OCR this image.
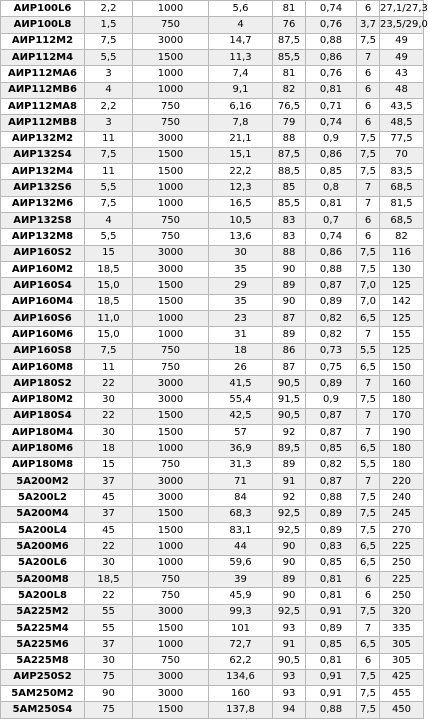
АИР100L6	2,2	1000	5,6	81	0,74	6	27,1/27,3
АИР100L8	1,5	750	4	76	0,76	3,7	23,5/29,0
АИР112М2	7,5	3000	14,7	87,5	0,88	7,5	49
АИР112М4	5,5	1500	11,3	85,5	0,86	7	49
АИР112МА6	3	1000	7,4	81	0,76	6	43
АИР112МВ6	4	1000	9,1	82	0,81	6	48
АИР112МА8	2,2	750	6,16	76,5	0,71	6	43,5
АИР112МВ8	3	750	7,8	79	0,74	6	48,5
АИР132М2	11	3000	21,1	88	0,9	7,5	77,5
АИР132S4	7,5	1500	15,1	87,5	0,86	7,5	70
АИР132М4	11	1500	22,2	88,5	0,85	7,5	83,5
АИР132S6	5,5	1000	12,3	85	0,8	7	68,5
АИР132М6	7,5	1000	16,5	85,5	0,81	7	81,5
АИР132S8	4	750	10,5	83	0,7	6	68,5
АИР132М8	5,5	750	13,6	83	0,74	6	82
АИР160S2	15	3000	30	88	0,86	7,5	116
АИР160М2	18,5	3000	35	90	0,88	7,5	130
АИР160S4	15,0	1500	29	89	0,87	7,0	125
АИР160М4	18,5	1500	35	90	0,89	7,0	142
АИР160S6	11,0	1000	23	87	0,82	6,5	125
АИР160М6	15,0	1000	31	89	0,82	7	155
АИР160S8	7,5	750	18	86	0,73	5,5	125
АИР160М8	11	750	26	87	0,75	6,5	150
АИР180S2	22	3000	41,5	90,5	0,89	7	160
АИР180М2	30	3000	55,4	91,5	0,9	7,5	180
АИР180S4	22	1500	42,5	90,5	0,87	7	170
АИР180М4	30	1500	57	92	0,87	7	190
АИР180М6	18	1000	36,9	89,5	0,85	6,5	180
АИР180М8	15	750	31,3	89	0,82	5,5	180
5А200М2	37	3000	71	91	0,87	7	220
5А200L2	45	3000	84	92	0,88	7,5	240
5А200М4	37	1500	68,3	92,5	0,89	7,5	245
5А200L4	45	1500	83,1	92,5	0,89	7,5	270
5А200М6	22	1000	44	90	0,83	6,5	225
5А200L6	30	1000	59,6	90	0,85	6,5	250
5А200М8	18,5	750	39	89	0,81	6	225
5А200L8	22	750	45,9	90	0,81	6	250
5А225М2	55	3000	99,3	92,5	0,91	7,5	320
5А225М4	55	1500	101	93	0,89	7	335
5А225М6	37	1000	72,7	91	0,85	6,5	305
5А225М8	30	750	62,2	90,5	0,81	6	305
АИР250S2	75	3000	134,6	93	0,91	7,5	425
5АМ250М2	90	3000	160	93	0,91	7,5	455
5АМ250S4	75	1500	137,8	94	0,88	7,5	450
